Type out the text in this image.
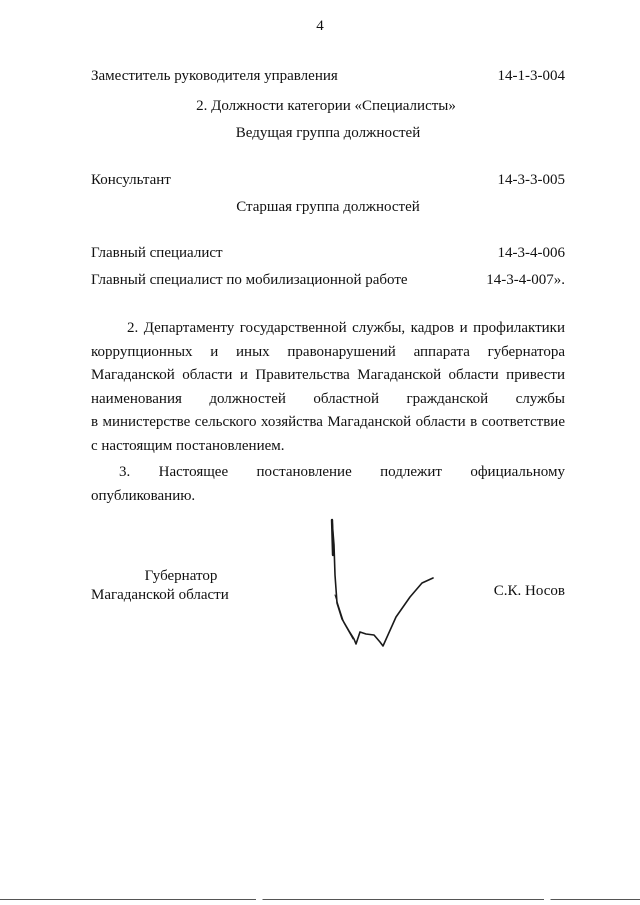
4
Заместитель руководителя управления	14-1-3-004
2. Должности категории «Специалисты»
Ведущая группа должностей
Консультант	14-3-3-005
Старшая группа должностей
Главный специалист	14-3-4-006
Главный специалист по мобилизационной работе	14-3-4-007».
2. Департаменту государственной службы, кадров и профилактики
коррупционных и иных правонарушений аппарата губернатора
Магаданской области и Правительства Магаданской области привести
наименования должностей областной гражданской службы
в министерстве сельского хозяйства Магаданской области в соответствие
с настоящим постановлением.
3. Настоящее постановление подлежит официальному
опубликованию.
Губернатор
Магаданской области	С.К. Носов
